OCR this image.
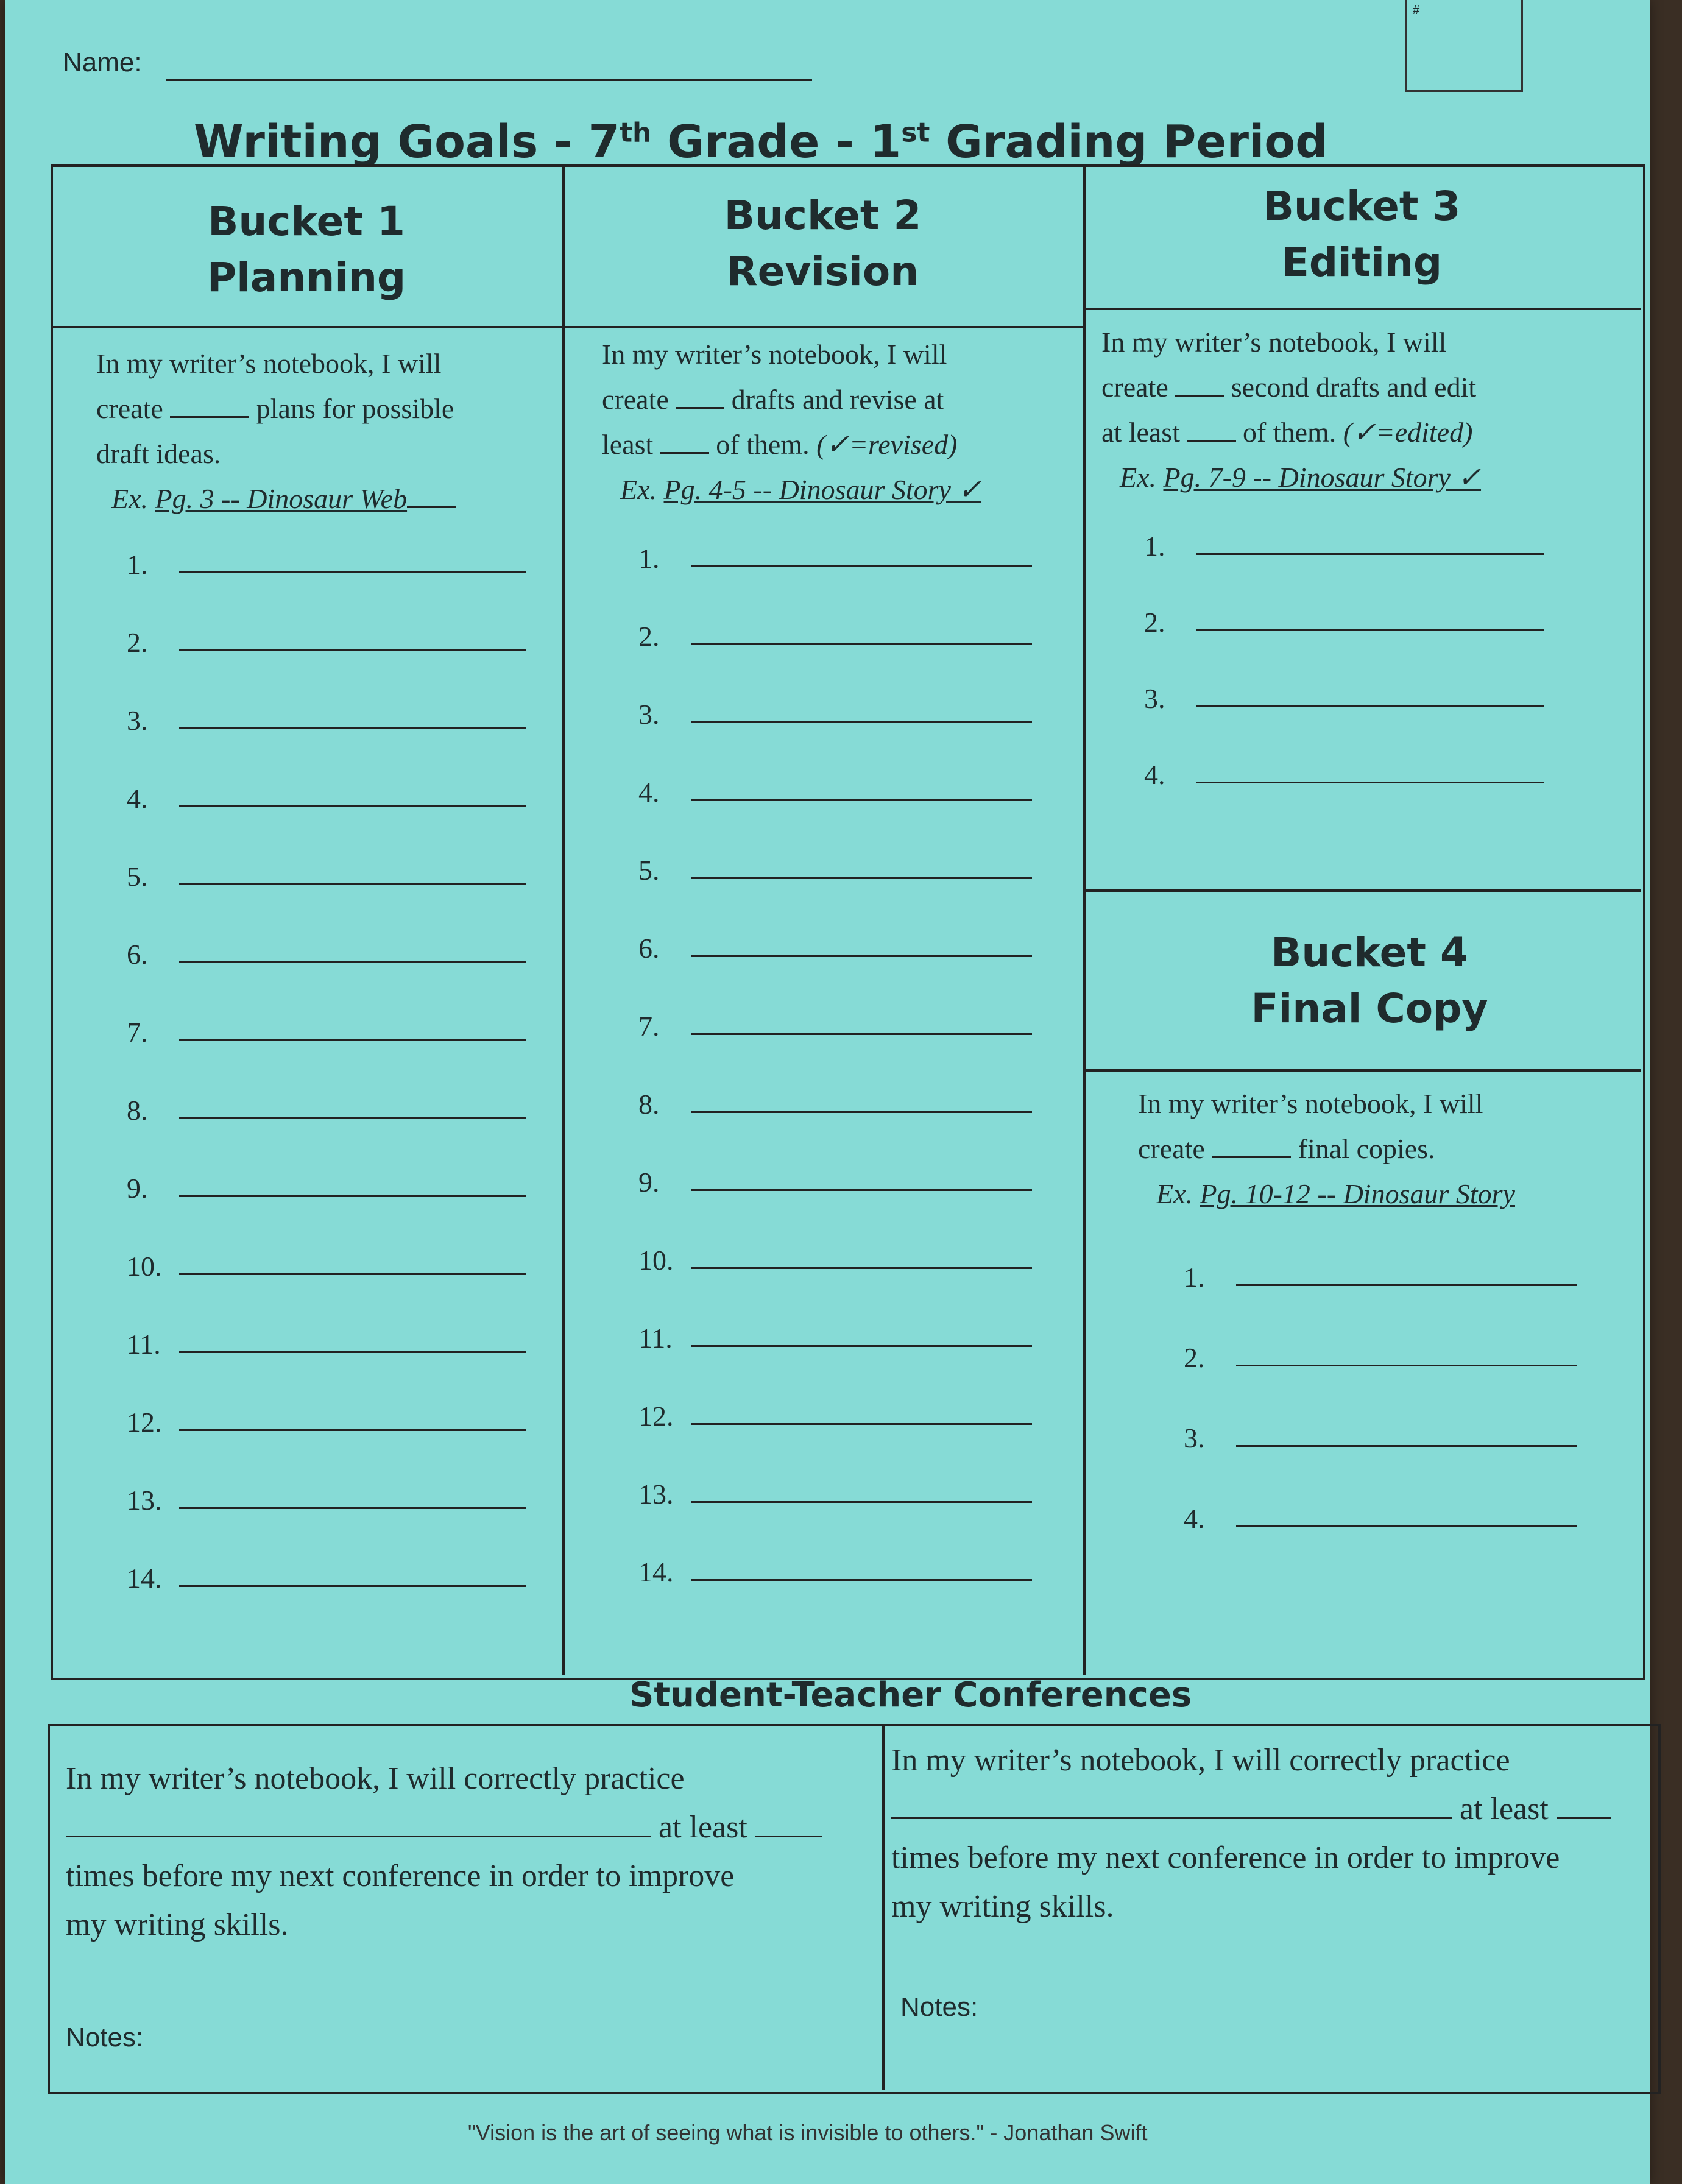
Name:
#
Writing Goals - 7th Grade - 1st Grading Period
Bucket 1
Planning
Bucket 2
Revision
Bucket 3
Editing
In my writer’s notebook, I will
create	plans for possible
draft ideas.
Ex. Pg. 3 -- Dinosaur Web
In my writer’s notebook, I will
create  drafts and revise at
least  of them. (✓=revised)
Ex. Pg. 4-5 -- Dinosaur Story ✓
In my writer’s notebook, I will
create  second drafts and edit
at least  of them. (✓=edited)
Ex. Pg. 7-9 -- Dinosaur Story ✓
1.
2.
3.
4.
5.
6.
7.
8.
9.
10.
11.
12.
13.
14.
1.
2.
3.
4.
5.
6.
7.
8.
9.
10.
11.
12.
13.
14.
1.
2.
3.
4.
Bucket 4
Final Copy
In my writer’s notebook, I will
create	final copies.
Ex. Pg. 10-12 -- Dinosaur Story
1.
2.
3.
4.
Student-Teacher Conferences
In my writer’s notebook, I will correctly practice
at least
times before my next conference in order to improve
my writing skills.
Notes:
In my writer’s notebook, I will correctly practice
at least
times before my next conference in order to improve
my writing skills.
Notes:
"Vision is the art of seeing what is invisible to others." - Jonathan Swift
